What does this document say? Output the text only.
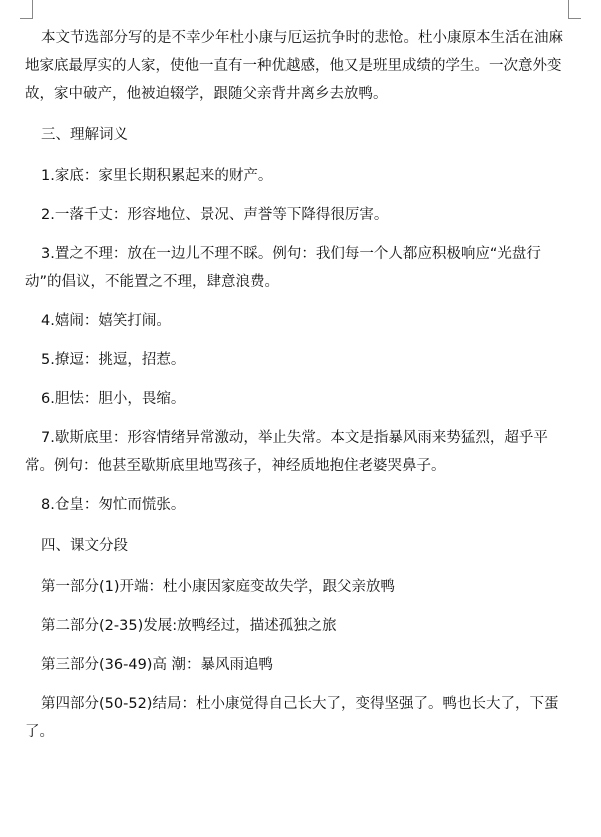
本文节选部分写的是不幸少年杜小康与厄运抗争时的悲怆。杜小康原本生活在油麻地家底最厚实的人家，使他一直有一种优越感，他又是班里成绩的学生。一次意外变故，家中破产，他被迫辍学，跟随父亲背井离乡去放鸭。

三、理解词义

1.家底：家里长期积累起来的财产。

2.一落千丈：形容地位、景况、声誉等下降得很厉害。

3.置之不理：放在一边儿不理不睬。例句：我们每一个人都应积极响应“光盘行动”的倡议，不能置之不理，肆意浪费。

4.嬉闹：嬉笑打闹。

5.撩逗：挑逗，招惹。

6.胆怯：胆小，畏缩。

7.歇斯底里：形容情绪异常激动，举止失常。本文是指暴风雨来势猛烈，超乎平常。例句：他甚至歇斯底里地骂孩子，神经质地抱住老婆哭鼻子。

8.仓皇：匆忙而慌张。

四、课文分段

第一部分(1)开端：杜小康因家庭变故失学，跟父亲放鸭

第二部分(2-35)发展:放鸭经过，描述孤独之旅

第三部分(36-49)高 潮：暴风雨追鸭

第四部分(50-52)结局：杜小康觉得自己长大了，变得坚强了。鸭也长大了，下蛋了。
